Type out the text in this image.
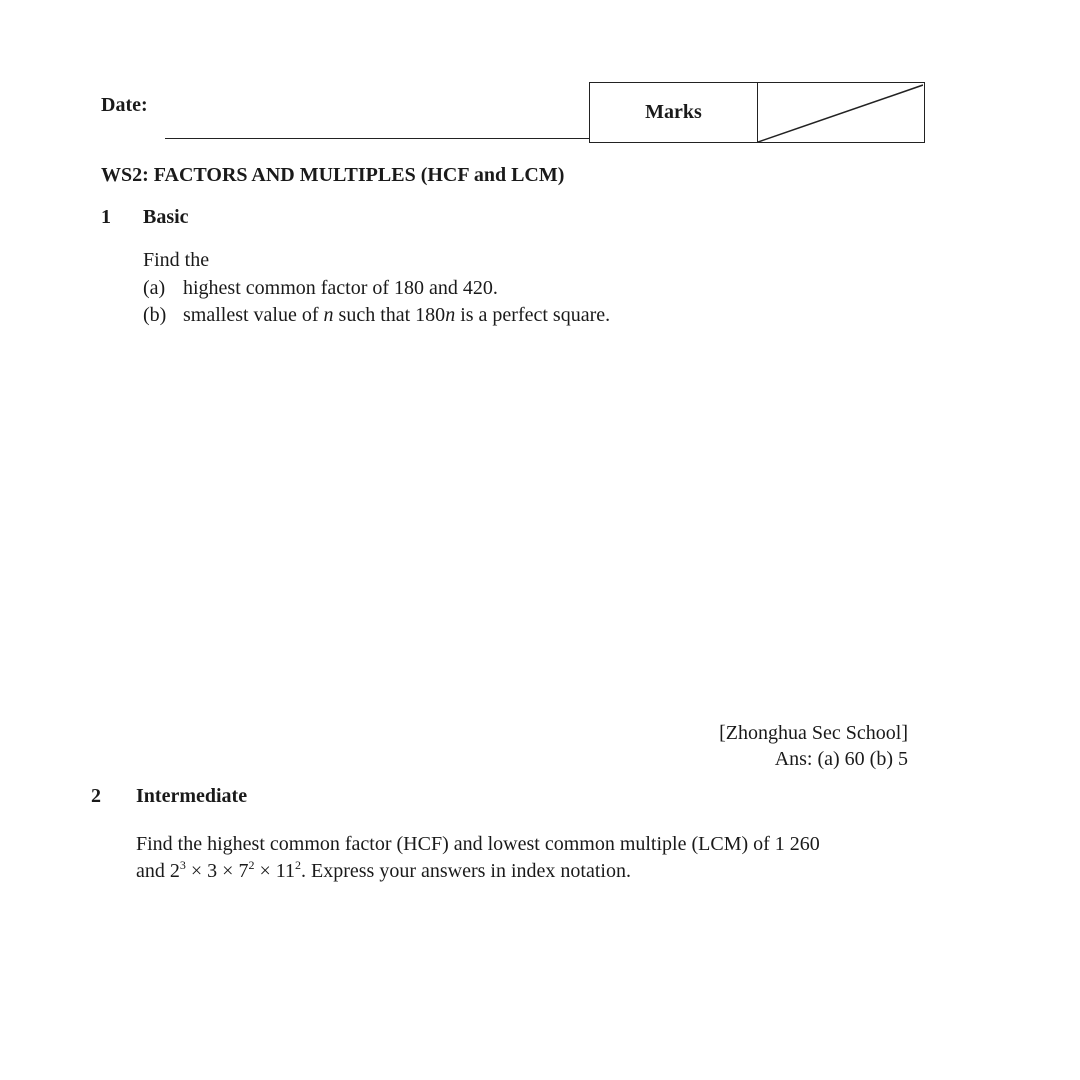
Date:	Marks
WS2: FACTORS AND MULTIPLES (HCF and LCM)
1 Basic
Find the
(a) highest common factor of 180 and 420.
(b) smallest value of n such that 180n is a perfect square.
[Zhonghua Sec School]
Ans: (a) 60 (b) 5
2 Intermediate
Find the highest common factor (HCF) and lowest common multiple (LCM) of 1 260
and $2^3 \times 3 \times 7^2 \times 11^2$. Express your answers in index notation.
